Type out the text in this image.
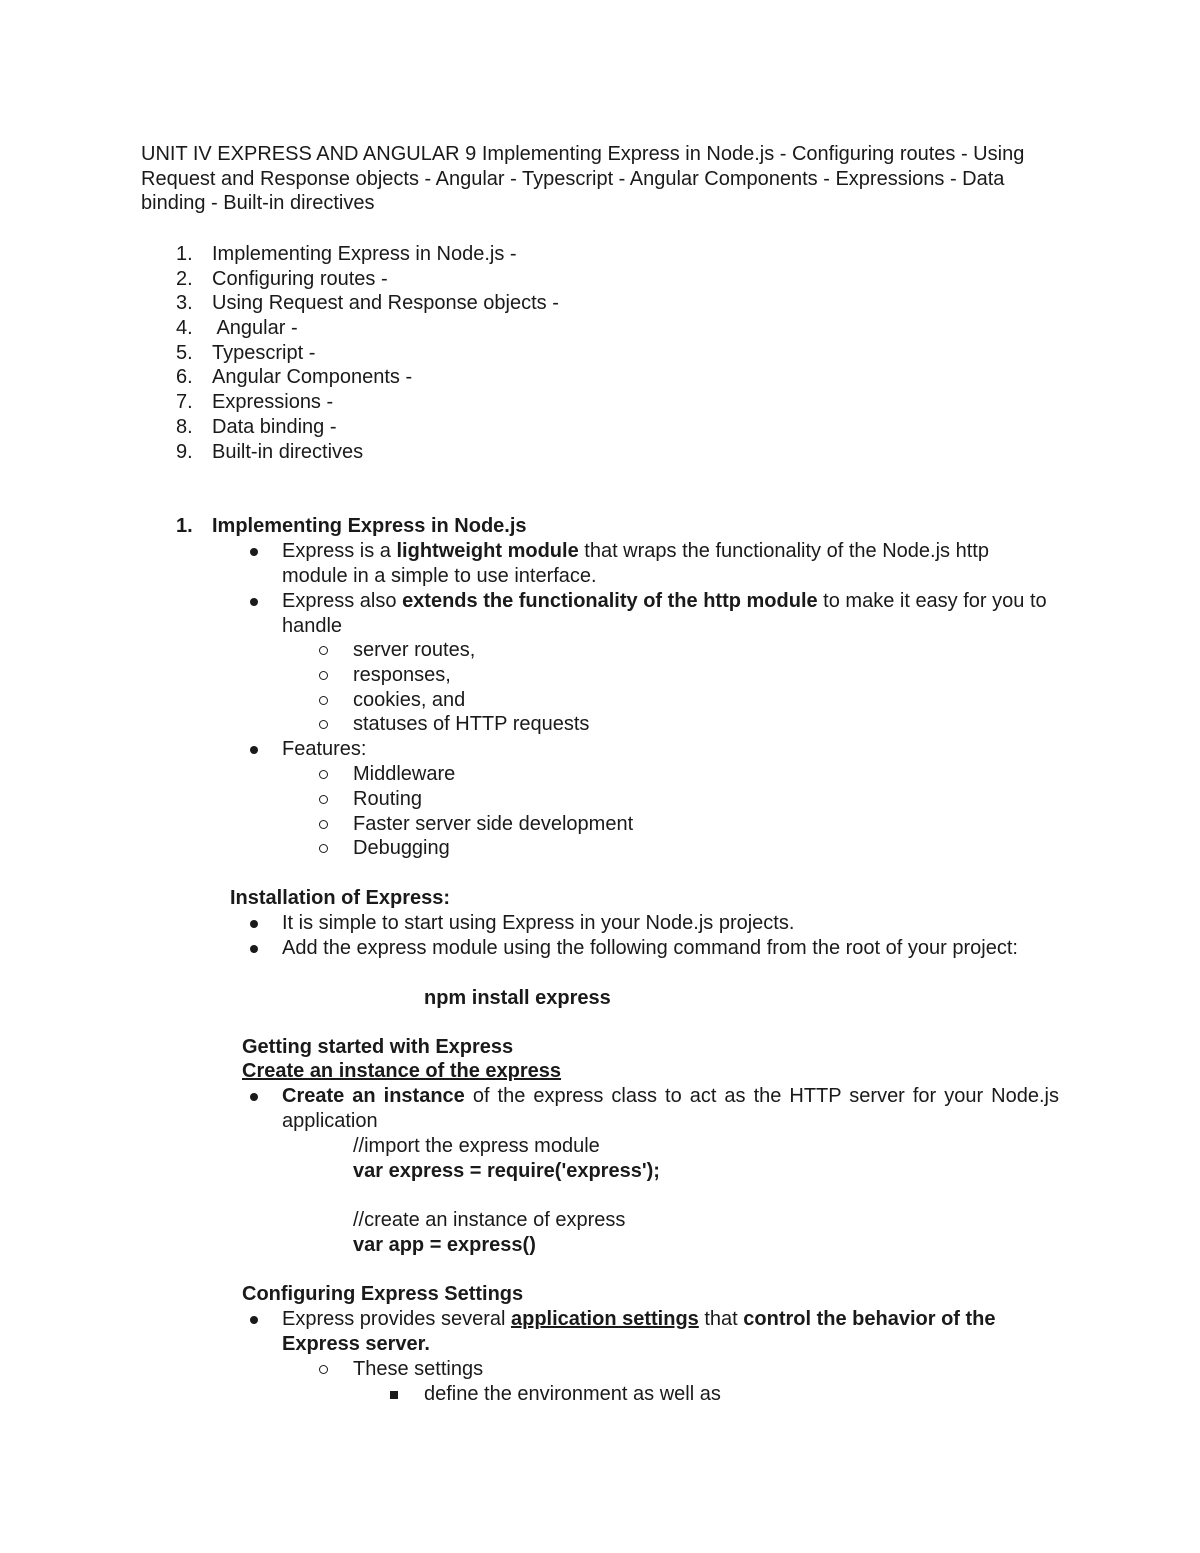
UNIT IV EXPRESS AND ANGULAR 9 Implementing Express in Node.js - Configuring routes - Using Request and Response objects - Angular - Typescript - Angular Components - Expressions - Data binding - Built-in directives
1. Implementing Express in Node.js -
2. Configuring routes -
3. Using Request and Response objects -
4. Angular -
5. Typescript -
6. Angular Components -
7. Expressions -
8. Data binding -
9. Built-in directives
1. Implementing Express in Node.js
Express is a lightweight module that wraps the functionality of the Node.js http module in a simple to use interface.
Express also extends the functionality of the http module to make it easy for you to handle
server routes,
responses,
cookies, and
statuses of HTTP requests
Features:
Middleware
Routing
Faster server side development
Debugging
Installation of Express:
It is simple to start using Express in your Node.js projects.
Add the express module using the following command from the root of your project:
npm install express
Getting started with Express
Create an instance of the express
Create an instance of the express class to act as the HTTP server for your Node.js application
//import the express module
var express = require('express');
//create an instance of express
var app = express()
Configuring Express Settings
Express provides several application settings that control the behavior of the Express server.
These settings
define the environment as well as
